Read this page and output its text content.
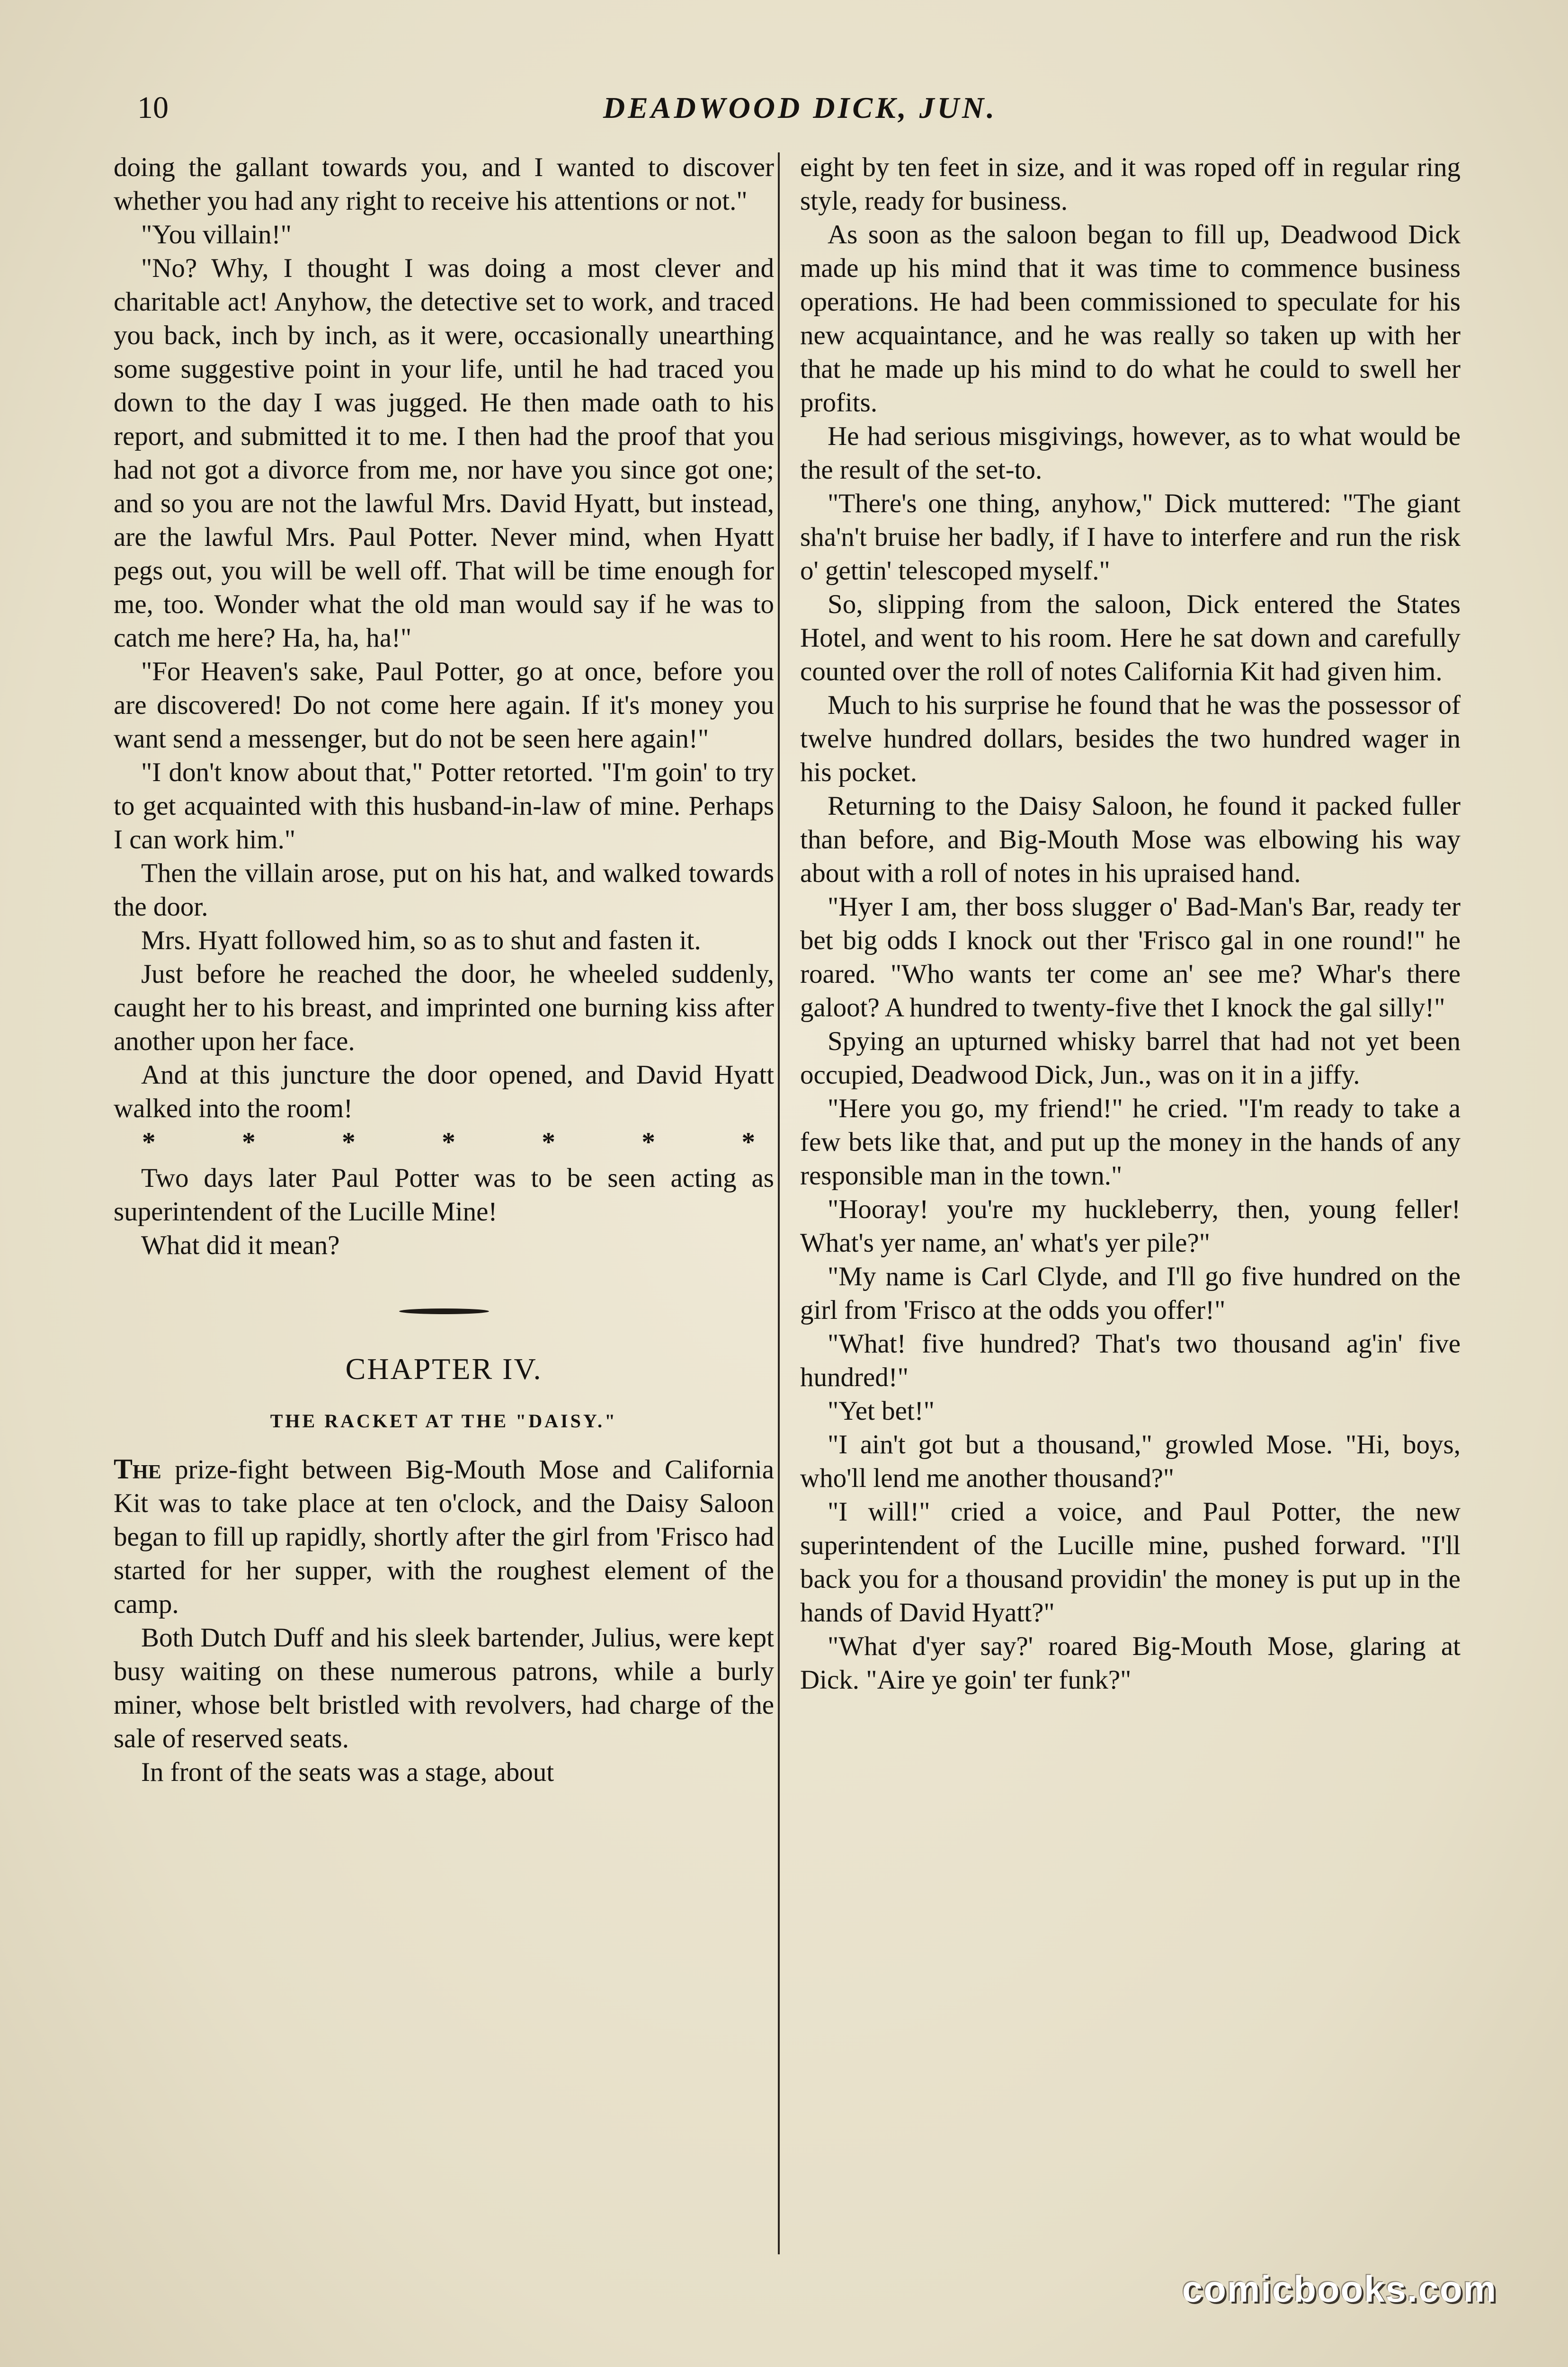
10	DEADWOOD DICK, JUN.

doing the gallant towards you, and I wanted to discover whether you had any right to receive his attentions or not."

"You villain!"

"No? Why, I thought I was doing a most clever and charitable act! Anyhow, the detective set to work, and traced you back, inch by inch, as it were, occasionally unearthing some suggestive point in your life, until he had traced you down to the day I was jugged. He then made oath to his report, and submitted it to me. I then had the proof that you had not got a divorce from me, nor have you since got one; and so you are not the lawful Mrs. David Hyatt, but instead, are the lawful Mrs. Paul Potter. Never mind, when Hyatt pegs out, you will be well off. That will be time enough for me, too. Wonder what the old man would say if he was to catch me here? Ha, ha, ha!"

"For Heaven's sake, Paul Potter, go at once, before you are discovered! Do not come here again. If it's money you want send a messenger, but do not be seen here again!"

"I don't know about that," Potter retorted. "I'm goin' to try to get acquainted with this husband-in-law of mine. Perhaps I can work him."

Then the villain arose, put on his hat, and walked towards the door.

Mrs. Hyatt followed him, so as to shut and fasten it.

Just before he reached the door, he wheeled suddenly, caught her to his breast, and imprinted one burning kiss after another upon her face.

And at this juncture the door opened, and David Hyatt walked into the room!

*	*	*	*	*	*	*

Two days later Paul Potter was to be seen acting as superintendent of the Lucille Mine!

What did it mean?

CHAPTER IV.
THE RACKET AT THE "DAISY."

The prize-fight between Big-Mouth Mose and California Kit was to take place at ten o'clock, and the Daisy Saloon began to fill up rapidly, shortly after the girl from 'Frisco had started for her supper, with the roughest element of the camp.

Both Dutch Duff and his sleek bartender, Julius, were kept busy waiting on these numerous patrons, while a burly miner, whose belt bristled with revolvers, had charge of the sale of reserved seats.

In front of the seats was a stage, about

eight by ten feet in size, and it was roped off in regular ring style, ready for business.

As soon as the saloon began to fill up, Deadwood Dick made up his mind that it was time to commence business operations. He had been commissioned to speculate for his new acquaintance, and he was really so taken up with her that he made up his mind to do what he could to swell her profits.

He had serious misgivings, however, as to what would be the result of the set-to.

"There's one thing, anyhow," Dick muttered: "The giant sha'n't bruise her badly, if I have to interfere and run the risk o' gettin' telescoped myself."

So, slipping from the saloon, Dick entered the States Hotel, and went to his room. Here he sat down and carefully counted over the roll of notes California Kit had given him.

Much to his surprise he found that he was the possessor of twelve hundred dollars, besides the two hundred wager in his pocket.

Returning to the Daisy Saloon, he found it packed fuller than before, and Big-Mouth Mose was elbowing his way about with a roll of notes in his upraised hand.

"Hyer I am, ther boss slugger o' Bad-Man's Bar, ready ter bet big odds I knock out ther 'Frisco gal in one round!" he roared. "Who wants ter come an' see me? Whar's there galoot? A hundred to twenty-five thet I knock the gal silly!"

Spying an upturned whisky barrel that had not yet been occupied, Deadwood Dick, Jun., was on it in a jiffy.

"Here you go, my friend!" he cried. "I'm ready to take a few bets like that, and put up the money in the hands of any responsible man in the town."

"Hooray! you're my huckleberry, then, young feller! What's yer name, an' what's yer pile?"

"My name is Carl Clyde, and I'll go five hundred on the girl from 'Frisco at the odds you offer!"

"What! five hundred? That's two thousand ag'in' five hundred!"

"Yet bet!"

"I ain't got but a thousand," growled Mose. "Hi, boys, who'll lend me another thousand?"

"I will!" cried a voice, and Paul Potter, the new superintendent of the Lucille mine, pushed forward. "I'll back you for a thousand providin' the money is put up in the hands of David Hyatt?"

"What d'yer say?' roared Big-Mouth Mose, glaring at Dick. "Aire ye goin' ter funk?"

comicbooks.com
